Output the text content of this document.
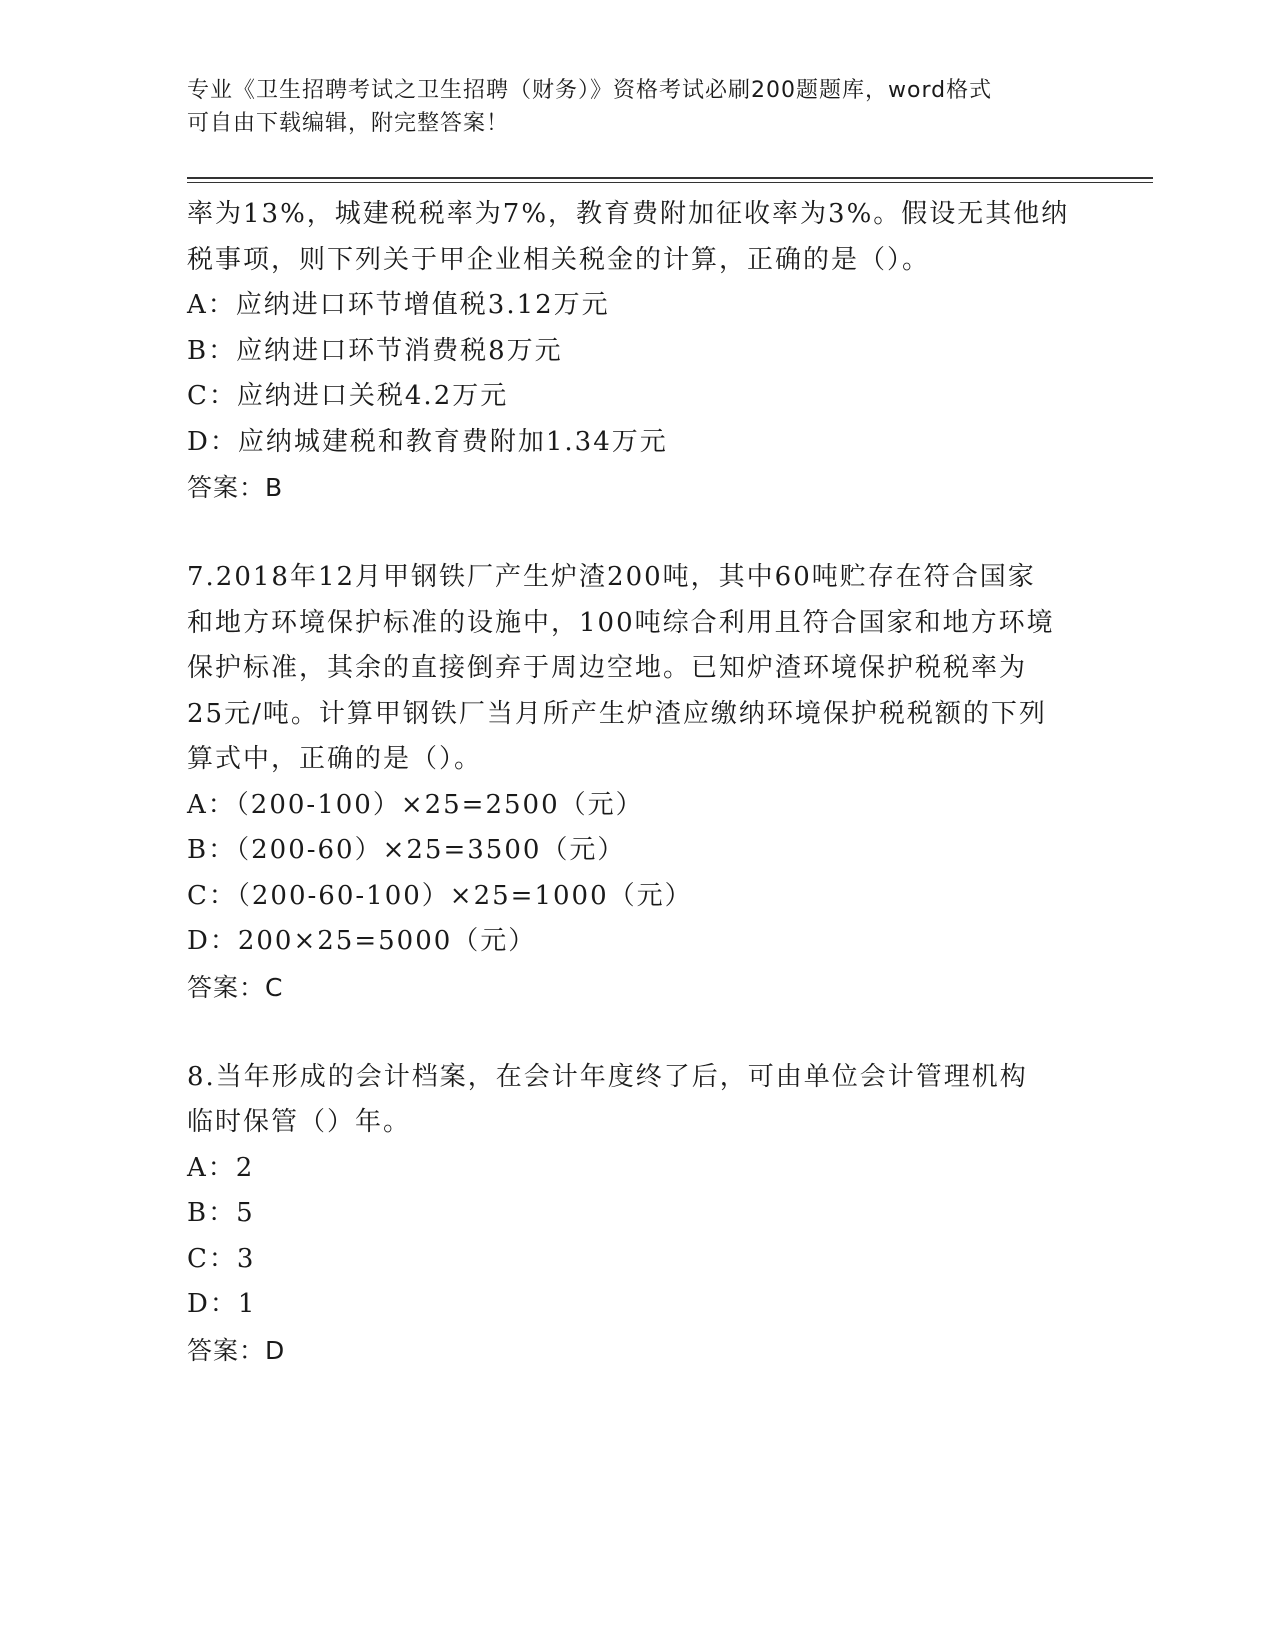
专业《卫生招聘考试之卫生招聘（财务）》资格考试必刷200题题库，word格式
可自由下载编辑，附完整答案！

率为13%，城建税税率为7%，教育费附加征收率为3%。假设无其他纳

税事项，则下列关于甲企业相关税金的计算，正确的是（）。

A：应纳进口环节增值税3.12万元

B：应纳进口环节消费税8万元

C：应纳进口关税4.2万元

D：应纳城建税和教育费附加1.34万元

答案：B

7.2018年12月甲钢铁厂产生炉渣200吨，其中60吨贮存在符合国家

和地方环境保护标准的设施中，100吨综合利用且符合国家和地方环境

保护标准，其余的直接倒弃于周边空地。已知炉渣环境保护税税率为

25元/吨。计算甲钢铁厂当月所产生炉渣应缴纳环境保护税税额的下列

算式中，正确的是（）。

A：（200-100）×25=2500（元）

B：（200-60）×25=3500（元）

C：（200-60-100）×25=1000（元）

D：200×25=5000（元）

答案：C

8.当年形成的会计档案，在会计年度终了后，可由单位会计管理机构

临时保管（）年。

A：2

B：5

C：3

D：1

答案：D
